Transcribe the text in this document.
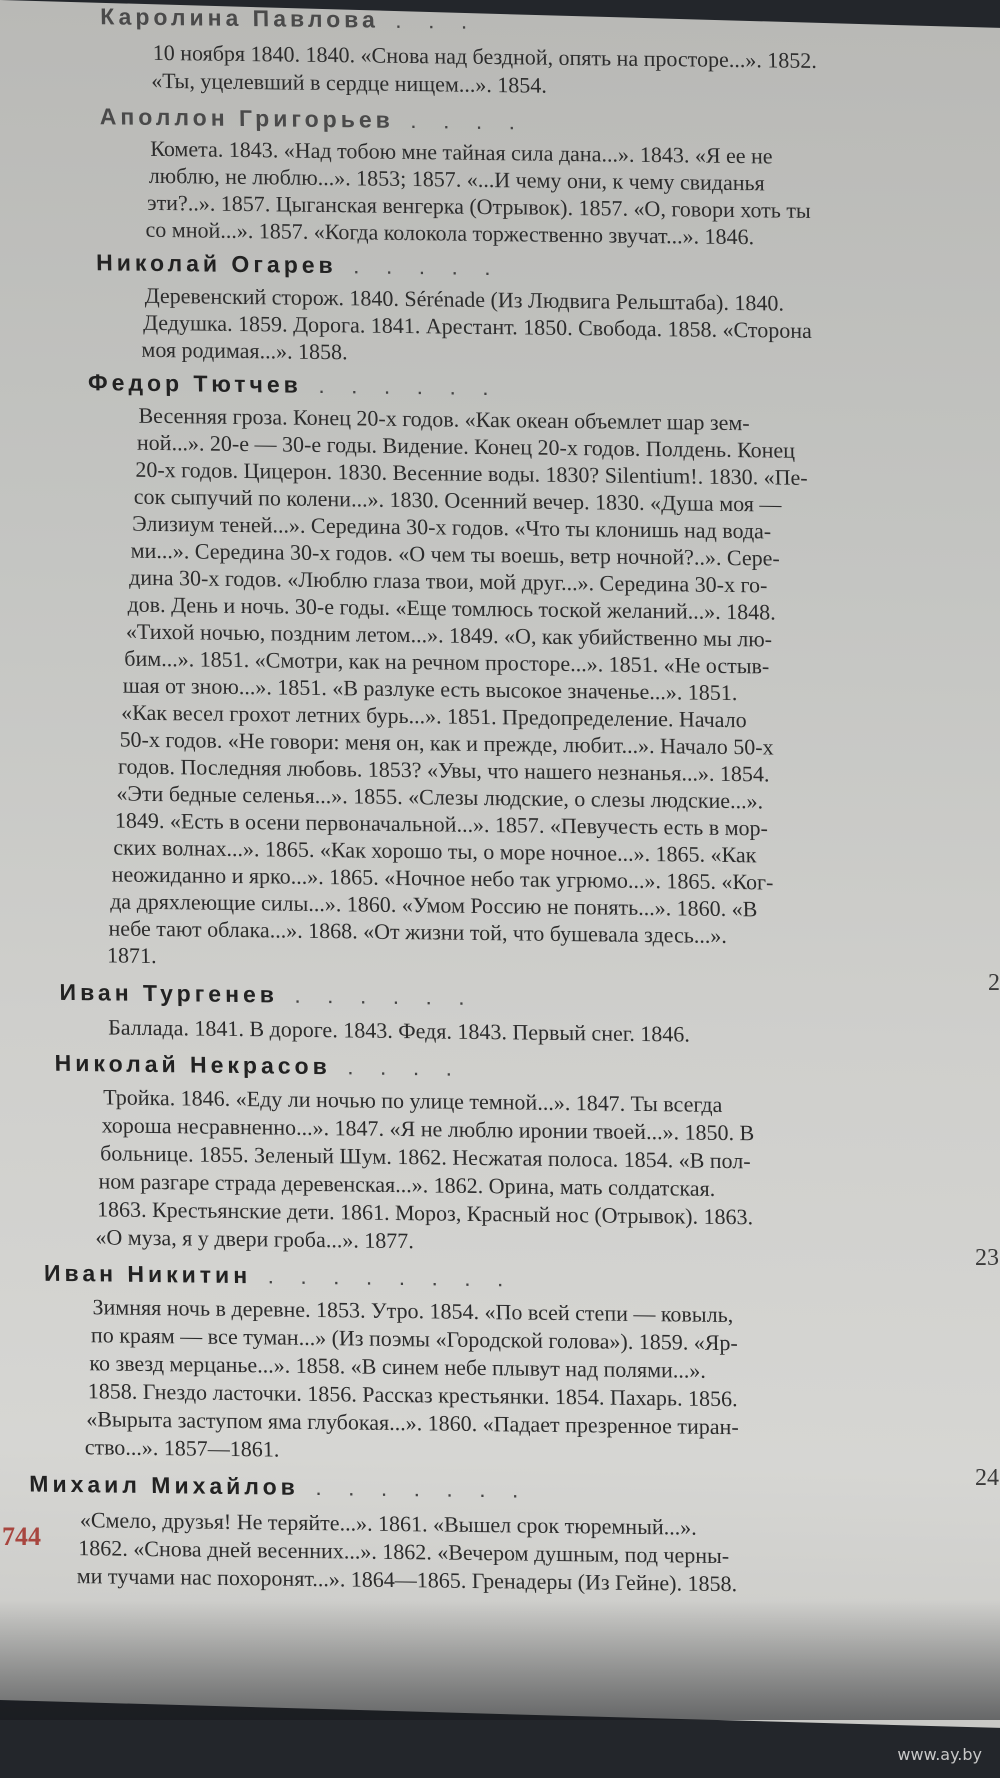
Каролина Павлова . . .
10 ноября 1840. 1840. «Снова над бездной, опять на просторе...». 1852.
«Ты, уцелевший в сердце нищем...». 1854.
Аполлон Григорьев . . . .
Комета. 1843. «Над тобою мне тайная сила дана...». 1843. «Я ее не
люблю, не люблю...». 1853; 1857. «...И чему они, к чему свиданья
эти?..». 1857. Цыганская венгерка (Отрывок). 1857. «О, говори хоть ты
со мной...». 1857. «Когда колокола торжественно звучат...». 1846.
Николай Огарев . . . . .
Деревенский сторож. 1840. Sérénade (Из Людвига Рельштаба). 1840.
Дедушка. 1859. Дорога. 1841. Арестант. 1850. Свобода. 1858. «Сторона
моя родимая...». 1858.
Федор Тютчев . . . . . .
Весенняя гроза. Конец 20-х годов. «Как океан объемлет шар зем-
ной...». 20-е — 30-е годы. Видение. Конец 20-х годов. Полдень. Конец
20-х годов. Цицерон. 1830. Весенние воды. 1830? Silentium!. 1830. «Пе-
сок сыпучий по колени...». 1830. Осенний вечер. 1830. «Душа моя —
Элизиум теней...». Середина 30-х годов. «Что ты клонишь над вода-
ми...». Середина 30-х годов. «О чем ты воешь, ветр ночной?..». Сере-
дина 30-х годов. «Люблю глаза твои, мой друг...». Середина 30-х го-
дов. День и ночь. 30-е годы. «Еще томлюсь тоской желаний...». 1848.
«Тихой ночью, поздним летом...». 1849. «О, как убийственно мы лю-
бим...». 1851. «Смотри, как на речном просторе...». 1851. «Не остыв-
шая от зною...». 1851. «В разлуке есть высокое значенье...». 1851.
«Как весел грохот летних бурь...». 1851. Предопределение. Начало
50-х годов. «Не говори: меня он, как и прежде, любит...». Начало 50-х
годов. Последняя любовь. 1853? «Увы, что нашего незнанья...». 1854.
«Эти бедные селенья...». 1855. «Слезы людские, о слезы людские...».
1849. «Есть в осени первоначальной...». 1857. «Певучесть есть в мор-
ских волнах...». 1865. «Как хорошо ты, о море ночное...». 1865. «Как
неожиданно и ярко...». 1865. «Ночное небо так угрюмо...». 1865. «Ког-
да дряхлеющие силы...». 1860. «Умом Россию не понять...». 1860. «В
небе тают облака...». 1868. «От жизни той, что бушевала здесь...».
1871.
Иван Тургенев . . . . . .
Баллада. 1841. В дороге. 1843. Федя. 1843. Первый снег. 1846.
Николай Некрасов . . . .
Тройка. 1846. «Еду ли ночью по улице темной...». 1847. Ты всегда
хороша несравненно...». 1847. «Я не люблю иронии твоей...». 1850. В
больнице. 1855. Зеленый Шум. 1862. Несжатая полоса. 1854. «В пол-
ном разгаре страда деревенская...». 1862. Орина, мать солдатская.
1863. Крестьянские дети. 1861. Мороз, Красный нос (Отрывок). 1863.
«О муза, я у двери гроба...». 1877.
Иван Никитин . . . . . . . .
Зимняя ночь в деревне. 1853. Утро. 1854. «По всей степи — ковыль,
по краям — все туман...» (Из поэмы «Городской голова»). 1859. «Яр-
ко звезд мерцанье...». 1858. «В синем небе плывут над полями...».
1858. Гнездо ласточки. 1856. Рассказ крестьянки. 1854. Пахарь. 1856.
«Вырыта заступом яма глубокая...». 1860. «Падает презренное тиран-
ство...». 1857—1861.
Михаил Михайлов . . . . . . .
«Смело, друзья! Не теряйте...». 1861. «Вышел срок тюремный...».
1862. «Снова дней весенних...». 1862. «Вечером душным, под черны-
ми тучами нас похоронят...». 1864—1865. Гренадеры (Из Гейне). 1858.
744
2
23
24
www.ay.by
